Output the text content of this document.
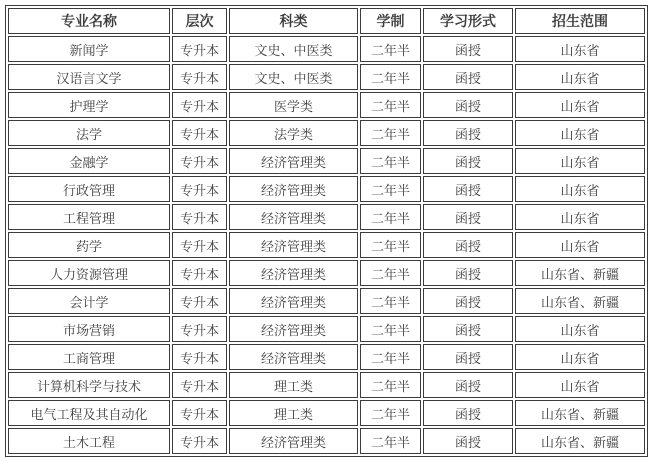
专业名称	层次	科类	学制	学习形式	招生范围
新闻学	专升本	文史、中医类	二年半	函授	山东省
汉语言文学	专升本	文史、中医类	二年半	函授	山东省
护理学	专升本	医学类	二年半	函授	山东省
法学	专升本	法学类	二年半	函授	山东省
金融学	专升本	经济管理类	二年半	函授	山东省
行政管理	专升本	经济管理类	二年半	函授	山东省
工程管理	专升本	经济管理类	二年半	函授	山东省
药学	专升本	经济管理类	二年半	函授	山东省
人力资源管理	专升本	经济管理类	二年半	函授	山东省、新疆
会计学	专升本	经济管理类	二年半	函授	山东省、新疆
市场营销	专升本	经济管理类	二年半	函授	山东省
工商管理	专升本	经济管理类	二年半	函授	山东省
计算机科学与技术	专升本	理工类	二年半	函授	山东省
电气工程及其自动化	专升本	理工类	二年半	函授	山东省、新疆
土木工程	专升本	经济管理类	二年半	函授	山东省、新疆
